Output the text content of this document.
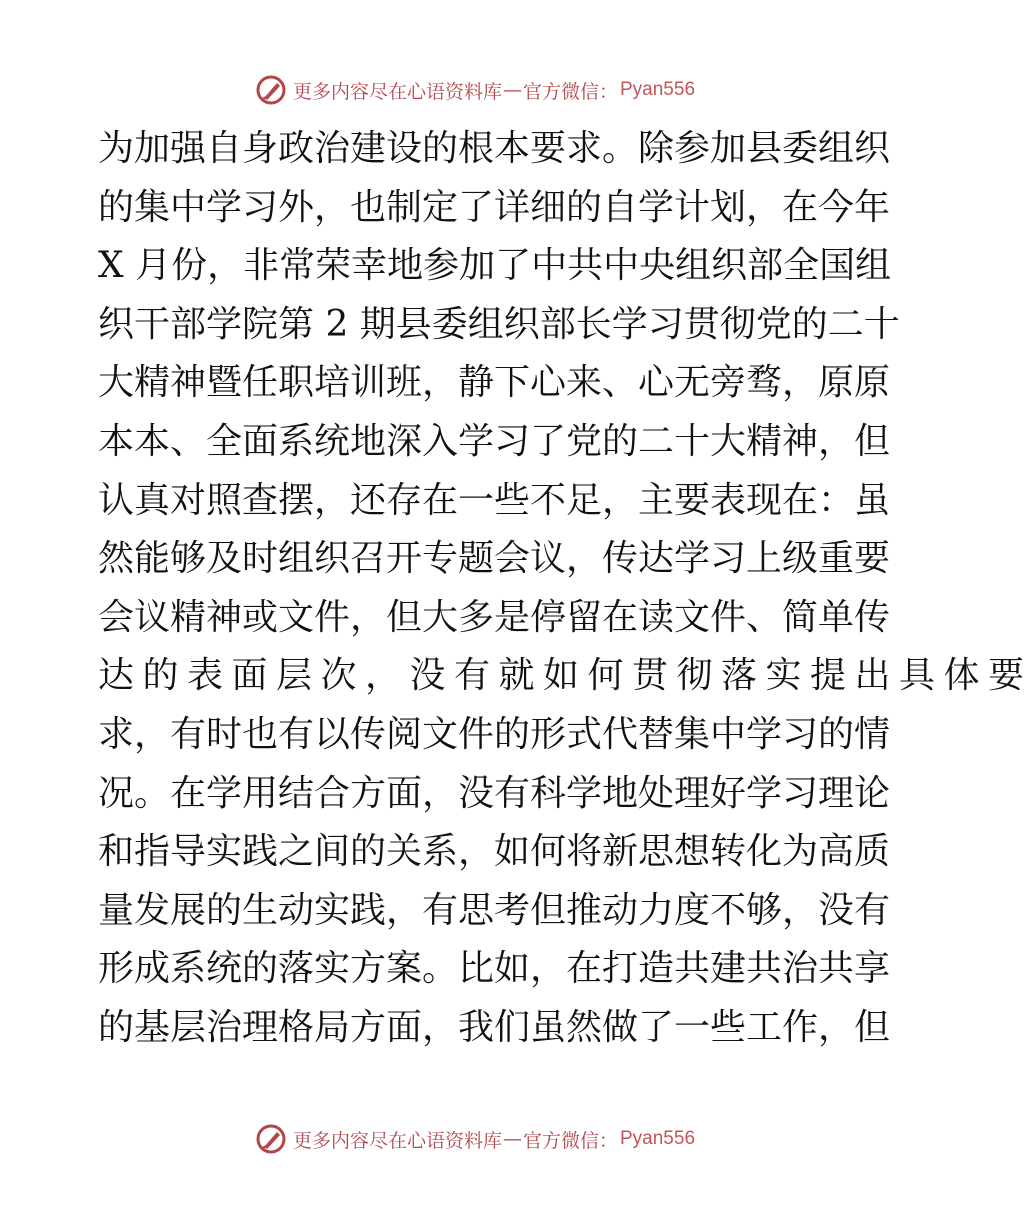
更多内容尽在心语资料库 — 官方微信： Pyan556
为加强自身政治建设的根本要求。除参加县委组织
的集中学习外，也制定了详细的自学计划，在今年
X 月份，非常荣幸地参加了中共中央组织部全国组
织干部学院第 2 期县委组织部长学习贯彻党的二十
大精神暨任职培训班，静下心来、心无旁骛，原原
本本、全面系统地深入学习了党的二十大精神，但
认真对照查摆，还存在一些不足，主要表现在：虽
然能够及时组织召开专题会议，传达学习上级重要
会议精神或文件，但大多是停留在读文件、简单传
达的表面层次，没有就如何贯彻落实提出具体要
求，有时也有以传阅文件的形式代替集中学习的情
况。在学用结合方面，没有科学地处理好学习理论
和指导实践之间的关系，如何将新思想转化为高质
量发展的生动实践，有思考但推动力度不够，没有
形成系统的落实方案。比如，在打造共建共治共享
的基层治理格局方面，我们虽然做了一些工作，但
更多内容尽在心语资料库 — 官方微信： Pyan556
